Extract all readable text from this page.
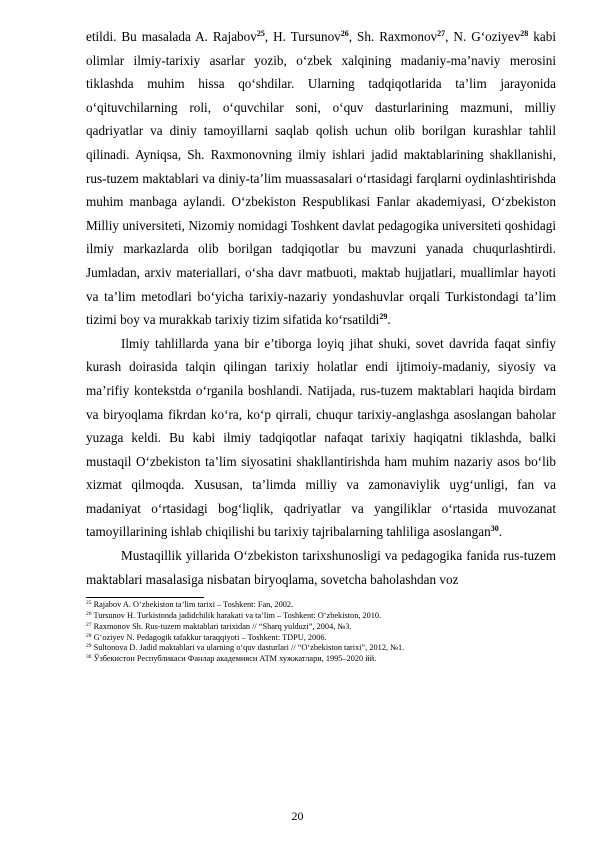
etildi. Bu masalada A. Rajabov$^{25}$, H. Tursunov$^{26}$, Sh. Raxmonov$^{27}$, N. G‘oziyev$^{28}$ kabi olimlar ilmiy-tarixiy asarlar yozib, o‘zbek xalqining madaniy-ma’naviy merosini tiklashda muhim hissa qo‘shdilar. Ularning tadqiqotlarida ta’lim jarayonida o‘qituvchilarning roli, o‘quvchilar soni, o‘quv dasturlarining mazmuni, milliy qadriyatlar va diniy tamoyillarni saqlab qolish uchun olib borilgan kurashlar tahlil qilinadi. Ayniqsa, Sh. Raxmonovning ilmiy ishlari jadid maktablarining shakllanishi, rus-tuzem maktablari va diniy-ta’lim muassasalari o‘rtasidagi farqlarni oydinlashtirishda muhim manbaga aylandi. O‘zbekiston Respublikasi Fanlar akademiyasi, O‘zbekiston Milliy universiteti, Nizomiy nomidagi Toshkent davlat pedagogika universiteti qoshidagi ilmiy markazlarda olib borilgan tadqiqotlar bu mavzuni yanada chuqurlashtirdi. Jumladan, arxiv materiallari, o‘sha davr matbuoti, maktab hujjatlari, muallimlar hayoti va ta’lim metodlari bo‘yicha tarixiy-nazariy yondashuvlar orqali Turkistondagi ta’lim tizimi boy va murakkab tarixiy tizim sifatida ko‘rsatildi$^{29}$.

Ilmiy tahlillarda yana bir e’tiborga loyiq jihat shuki, sovet davrida faqat sinfiy kurash doirasida talqin qilingan tarixiy holatlar endi ijtimoiy-madaniy, siyosiy va ma’rifiy kontekstda o‘rganila boshlandi. Natijada, rus-tuzem maktablari haqida birdam va biryoqlama fikrdan ko‘ra, ko‘p qirrali, chuqur tarixiy-anglashga asoslangan baholar yuzaga keldi. Bu kabi ilmiy tadqiqotlar nafaqat tarixiy haqiqatni tiklashda, balki mustaqil O‘zbekiston ta’lim siyosatini shakllantirishda ham muhim nazariy asos bo‘lib xizmat qilmoqda. Xususan, ta’limda milliy va zamonaviylik uyg‘unligi, fan va madaniyat o‘rtasidagi bog‘liqlik, qadriyatlar va yangiliklar o‘rtasida muvozanat tamoyillarining ishlab chiqilishi bu tarixiy tajribalarning tahliliga asoslangan$^{30}$.

Mustaqillik yillarida O‘zbekiston tarixshunosligi va pedagogika fanida rus-tuzem maktablari masalasiga nisbatan biryoqlama, sovetcha baholashdan voz

$^{25}$ Rajabov A. O‘zbekiston ta’lim tarixi – Toshkent: Fan, 2002.

$^{26}$ Tursunov H. Turkistonda jadidchilik harakati va ta’lim – Toshkent: O‘zbekiston, 2010.

$^{27}$ Raxmonov Sh. Rus-tuzem maktablari tarixidan // “Sharq yulduzi”, 2004, №3.

$^{28}$ G‘oziyev N. Pedagogik tafakkur taraqqiyoti – Toshkent: TDPU, 2006.

$^{29}$ Sultonova D. Jadid maktablari va ularning o‘quv dasturlari // “O‘zbekiston tarixi”, 2012, №1.

$^{30}$ Ўзбекистон Республикаси Фанлар академияси АТМ хужжатлари, 1995–2020 йй.

20
